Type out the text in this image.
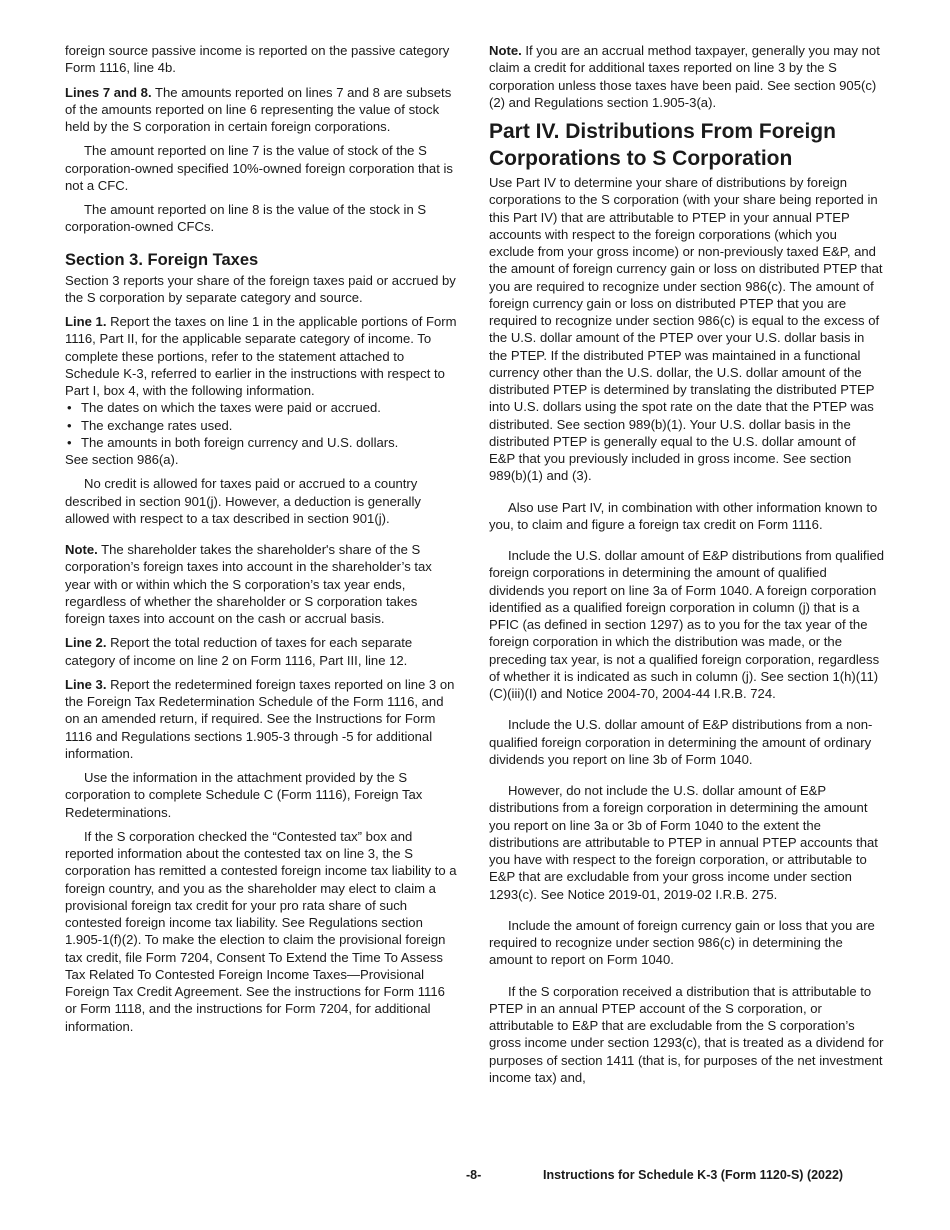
foreign source passive income is reported on the passive category Form 1116, line 4b.

Lines 7 and 8. The amounts reported on lines 7 and 8 are subsets of the amounts reported on line 6 representing the value of stock held by the S corporation in certain foreign corporations.

The amount reported on line 7 is the value of stock of the S corporation-owned specified 10%-owned foreign corporation that is not a CFC.

The amount reported on line 8 is the value of the stock in S corporation-owned CFCs.

Section 3. Foreign Taxes

Section 3 reports your share of the foreign taxes paid or accrued by the S corporation by separate category and source.

Line 1. Report the taxes on line 1 in the applicable portions of Form 1116, Part II, for the applicable separate category of income. To complete these portions, refer to the statement attached to Schedule K-3, referred to earlier in the instructions with respect to Part I, box 4, with the following information.

• The dates on which the taxes were paid or accrued.
• The exchange rates used.
• The amounts in both foreign currency and U.S. dollars.

See section 986(a).

No credit is allowed for taxes paid or accrued to a country described in section 901(j). However, a deduction is generally allowed with respect to a tax described in section 901(j).

Note. The shareholder takes the shareholder's share of the S corporation’s foreign taxes into account in the shareholder’s tax year with or within which the S corporation’s tax year ends, regardless of whether the shareholder or S corporation takes foreign taxes into account on the cash or accrual basis.

Line 2. Report the total reduction of taxes for each separate category of income on line 2 on Form 1116, Part III, line 12.

Line 3. Report the redetermined foreign taxes reported on line 3 on the Foreign Tax Redetermination Schedule of the Form 1116, and on an amended return, if required. See the Instructions for Form 1116 and Regulations sections 1.905-3 through -5 for additional information.

Use the information in the attachment provided by the S corporation to complete Schedule C (Form 1116), Foreign Tax Redeterminations.

If the S corporation checked the “Contested tax” box and reported information about the contested tax on line 3, the S corporation has remitted a contested foreign income tax liability to a foreign country, and you as the shareholder may elect to claim a provisional foreign tax credit for your pro rata share of such contested foreign income tax liability. See Regulations section 1.905-1(f)(2). To make the election to claim the provisional foreign tax credit, file Form 7204, Consent To Extend the Time To Assess Tax Related To Contested Foreign Income Taxes—Provisional Foreign Tax Credit Agreement. See the instructions for Form 1116 or Form 1118, and the instructions for Form 7204, for additional information.

Note. If you are an accrual method taxpayer, generally you may not claim a credit for additional taxes reported on line 3 by the S corporation unless those taxes have been paid. See section 905(c)(2) and Regulations section 1.905-3(a).

Part IV. Distributions From Foreign Corporations to S Corporation

Use Part IV to determine your share of distributions by foreign corporations to the S corporation (with your share being reported in this Part IV) that are attributable to PTEP in your annual PTEP accounts with respect to the foreign corporations (which you exclude from your gross income) or non-previously taxed E&P, and the amount of foreign currency gain or loss on distributed PTEP that you are required to recognize under section 986(c). The amount of foreign currency gain or loss on distributed PTEP that you are required to recognize under section 986(c) is equal to the excess of the U.S. dollar amount of the PTEP over your U.S. dollar basis in the PTEP. If the distributed PTEP was maintained in a functional currency other than the U.S. dollar, the U.S. dollar amount of the distributed PTEP is determined by translating the distributed PTEP into U.S. dollars using the spot rate on the date that the PTEP was distributed. See section 989(b)(1). Your U.S. dollar basis in the distributed PTEP is generally equal to the U.S. dollar amount of E&P that you previously included in gross income. See section 989(b)(1) and (3).

Also use Part IV, in combination with other information known to you, to claim and figure a foreign tax credit on Form 1116.

Include the U.S. dollar amount of E&P distributions from qualified foreign corporations in determining the amount of qualified dividends you report on line 3a of Form 1040. A foreign corporation identified as a qualified foreign corporation in column (j) that is a PFIC (as defined in section 1297) as to you for the tax year of the foreign corporation in which the distribution was made, or the preceding tax year, is not a qualified foreign corporation, regardless of whether it is indicated as such in column (j). See section 1(h)(11)(C)(iii)(I) and Notice 2004-70, 2004-44 I.R.B. 724.

Include the U.S. dollar amount of E&P distributions from a non-qualified foreign corporation in determining the amount of ordinary dividends you report on line 3b of Form 1040.

However, do not include the U.S. dollar amount of E&P distributions from a foreign corporation in determining the amount you report on line 3a or 3b of Form 1040 to the extent the distributions are attributable to PTEP in annual PTEP accounts that you have with respect to the foreign corporation, or attributable to E&P that are excludable from your gross income under section 1293(c). See Notice 2019-01, 2019-02 I.R.B. 275.

Include the amount of foreign currency gain or loss that you are required to recognize under section 986(c) in determining the amount to report on Form 1040.

If the S corporation received a distribution that is attributable to PTEP in an annual PTEP account of the S corporation, or attributable to E&P that are excludable from the S corporation’s gross income under section 1293(c), that is treated as a dividend for purposes of section 1411 (that is, for purposes of the net investment income tax) and,

-8-	Instructions for Schedule K-3 (Form 1120-S) (2022)
